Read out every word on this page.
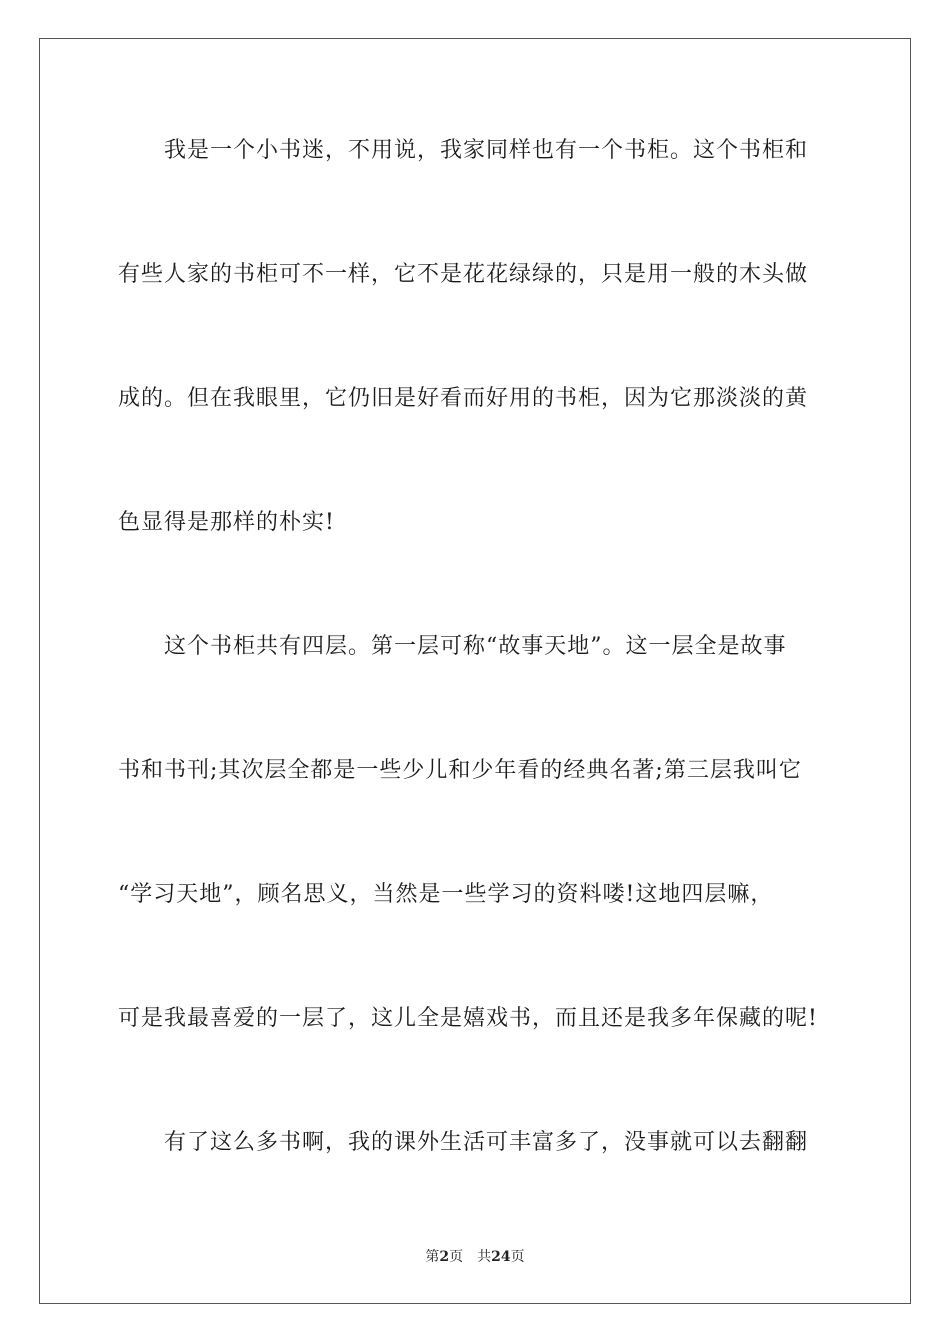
我是一个小书迷，不用说，我家同样也有一个书柜。这个书柜和
有些人家的书柜可不一样，它不是花花绿绿的，只是用一般的木头做
成的。但在我眼里，它仍旧是好看而好用的书柜，因为它那淡淡的黄
色显得是那样的朴实!
这个书柜共有四层。第一层可称“故事天地”。这一层全是故事
书和书刊;其次层全都是一些少儿和少年看的经典名著;第三层我叫它
“学习天地”，顾名思义，当然是一些学习的资料喽!这地四层嘛，
可是我最喜爱的一层了，这儿全是嬉戏书，而且还是我多年保藏的呢!
有了这么多书啊，我的课外生活可丰富多了，没事就可以去翻翻
第2页 共24页
